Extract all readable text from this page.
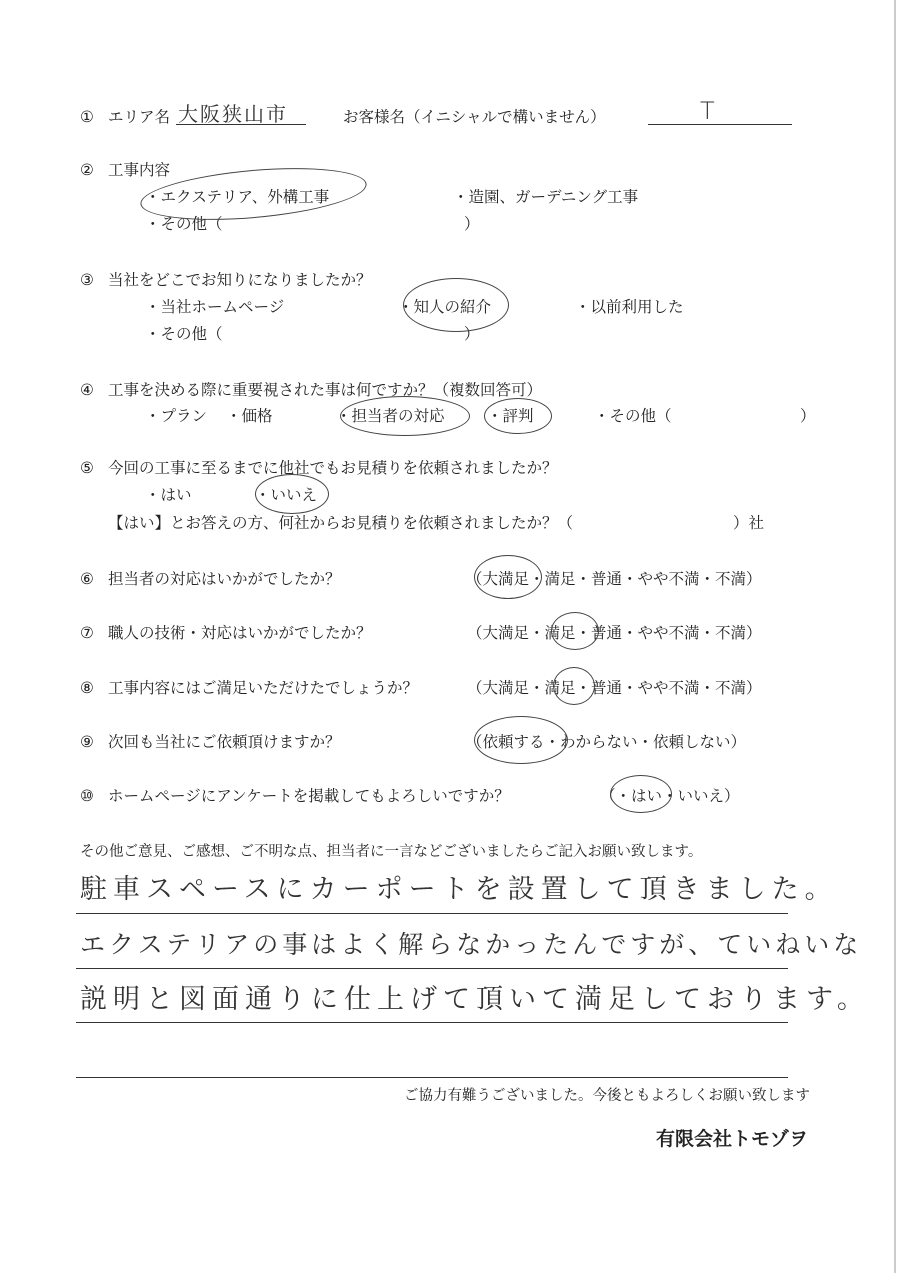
① エリア名 大阪狭山市	お客様名（イニシャルで構いません）	T
② 工事内容
・エクステリア、外構工事	・造園、ガーデニング工事
・その他（	）
③ 当社をどこでお知りになりましたか？
・当社ホームページ	・知人の紹介	・以前利用した
・その他（	）
④ 工事を決める際に重要視された事は何ですか？（複数回答可）
・プラン ・価格	・担当者の対応	・評判	・その他（	）
⑤ 今回の工事に至るまでに他社でもお見積りを依頼されましたか？
・はい	・いいえ
【はい】とお答えの方、何社からお見積りを依頼されましたか？（	）社
⑥ 担当者の対応はいかがでしたか？	（大満足・満足・普通・やや不満・不満）
⑦ 職人の技術・対応はいかがでしたか？	（大満足・満足・普通・やや不満・不満）
⑧ 工事内容にはご満足いただけたでしょうか？	（大満足・満足・普通・やや不満・不満）
⑨ 次回も当社にご依頼頂けますか？	（依頼する・わからない・依頼しない）
⑩ ホームページにアンケートを掲載してもよろしいですか？	（・はい・いいえ）
その他ご意見、ご感想、ご不明な点、担当者に一言などございましたらご記入お願い致します。
駐車スペースにカーポートを設置して頂きました。
エクステリアの事はよく解らなかったんですが、ていねいな
説明と図面通りに仕上げて頂いて満足しております。
ご協力有難うございました。今後ともよろしくお願い致します
有限会社トモゾヲ
